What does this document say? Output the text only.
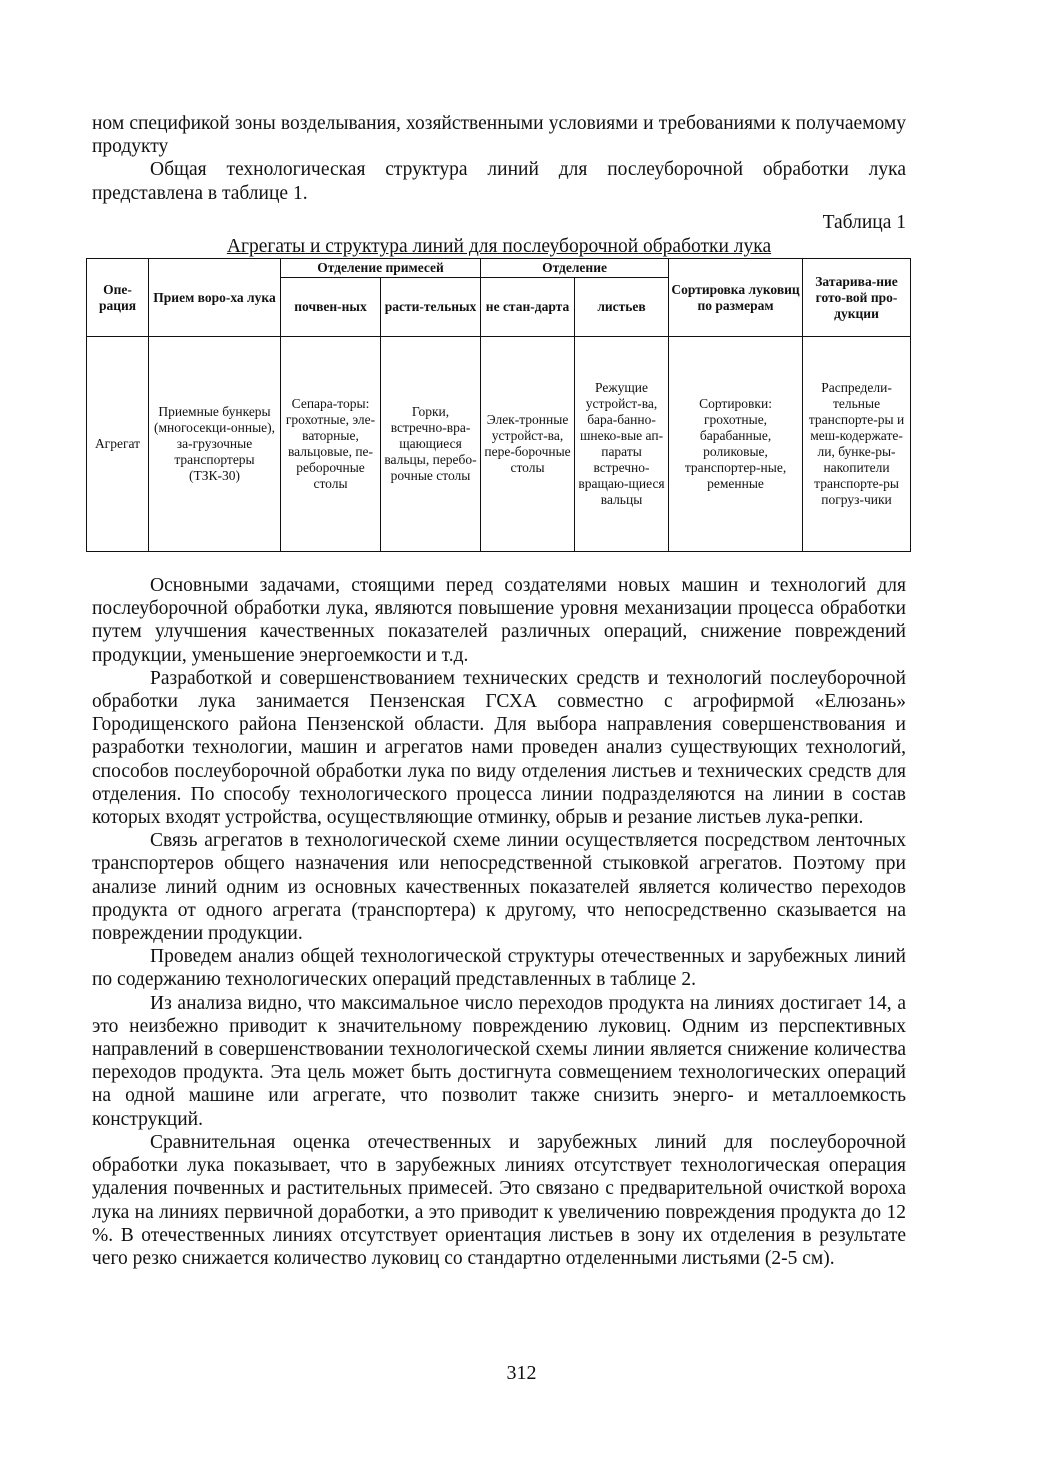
ном спецификой зоны возделывания, хозяйственными условиями и требованиями к получаемому продукту

Общая технологическая структура линий для послеуборочной обработки лука представлена в таблице 1.

Таблица 1

Агрегаты и структура линий для послеуборочной обработки лука
Опе-рация	Прием воро-ха лука	Отделение примесей		Отделение		Сортировка луковиц по размерам	Затарива-ние гото-вой про-дукции
		почвен-ных	расти-тельных	не стан-дарта	листьев		
Агрегат	Приемные бункеры (многосекци-онные), за-грузочные транспортеры (ТЗК-30)	Сепара-торы: грохотные, эле-ваторные, вальцовые, пе-реборочные столы	Горки, встречно-вра-щающиеся вальцы, перебо-рочные столы	Элек-тронные устройст-ва, пере-борочные столы	Режущие устройст-ва, бара-банно-шнеко-вые ап-параты встречно-вращаю-щиеся вальцы	Сортировки: грохотные, барабанные, роликовые, транспортер-ные, ременные	Распредели-тельные транспорте-ры и меш-кодержате-ли, бунке-ры-накопители транспорте-ры погруз-чики

Основными задачами, стоящими перед создателями новых машин и технологий для послеуборочной обработки лука, являются повышение уровня механизации процесса обработки путем улучшения качественных показателей различных операций, снижение повреждений продукции, уменьшение энергоемкости и т.д.

Разработкой и совершенствованием технических средств и технологий послеуборочной обработки лука занимается Пензенская ГСХА совместно с агрофирмой «Елюзань» Городищенского района Пензенской области. Для выбора направления совершенствования и разработки технологии, машин и агрегатов нами проведен анализ существующих технологий, способов послеуборочной обработки лука по виду отделения листьев и технических средств для отделения. По способу технологического процесса линии подразделяются на линии в состав которых входят устройства, осуществляющие отминку, обрыв и резание листьев лука-репки.

Связь агрегатов в технологической схеме линии осуществляется посредством ленточных транспортеров общего назначения или непосредственной стыковкой агрегатов. Поэтому при анализе линий одним из основных качественных показателей является количество переходов продукта от одного агрегата (транспортера) к другому, что непосредственно сказывается на повреждении продукции.

Проведем анализ общей технологической структуры отечественных и зарубежных линий по содержанию технологических операций представленных в таблице 2.

Из анализа видно, что максимальное число переходов продукта на линиях достигает 14, а это неизбежно приводит к значительному повреждению луковиц. Одним из перспективных направлений в совершенствовании технологической схемы линии является снижение количества переходов продукта. Эта цель может быть достигнута совмещением технологических операций на одной машине или агрегате, что позволит также снизить энерго- и металлоемкость конструкций.

Сравнительная оценка отечественных и зарубежных линий для послеуборочной обработки лука показывает, что в зарубежных линиях отсутствует технологическая операция удаления почвенных и растительных примесей. Это связано с предварительной очисткой вороха лука на линиях первичной доработки, а это приводит к увеличению повреждения продукта до 12 %. В отечественных линиях отсутствует ориентация листьев в зону их отделения в результате чего резко снижается количество луковиц со стандартно отделенными листьями (2-5 см).

312
